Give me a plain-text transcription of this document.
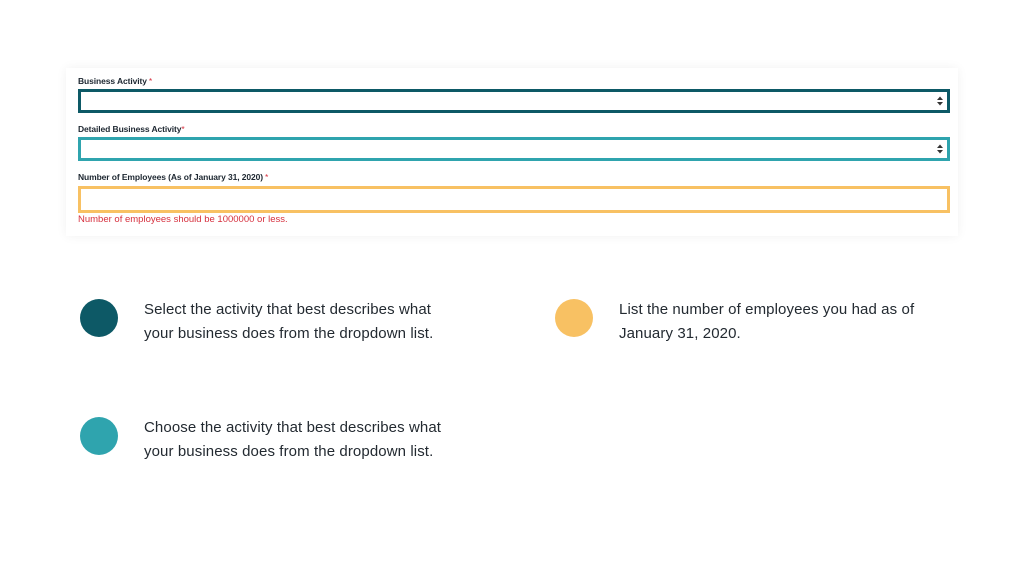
Business Activity *
Detailed Business Activity*
Number of Employees (As of January 31, 2020) *
Number of employees should be 1000000 or less.
Select the activity that best describes what your business does from the dropdown list.
Choose the activity that best describes what your business does from the dropdown list.
List the number of employees you had as of January 31, 2020.
